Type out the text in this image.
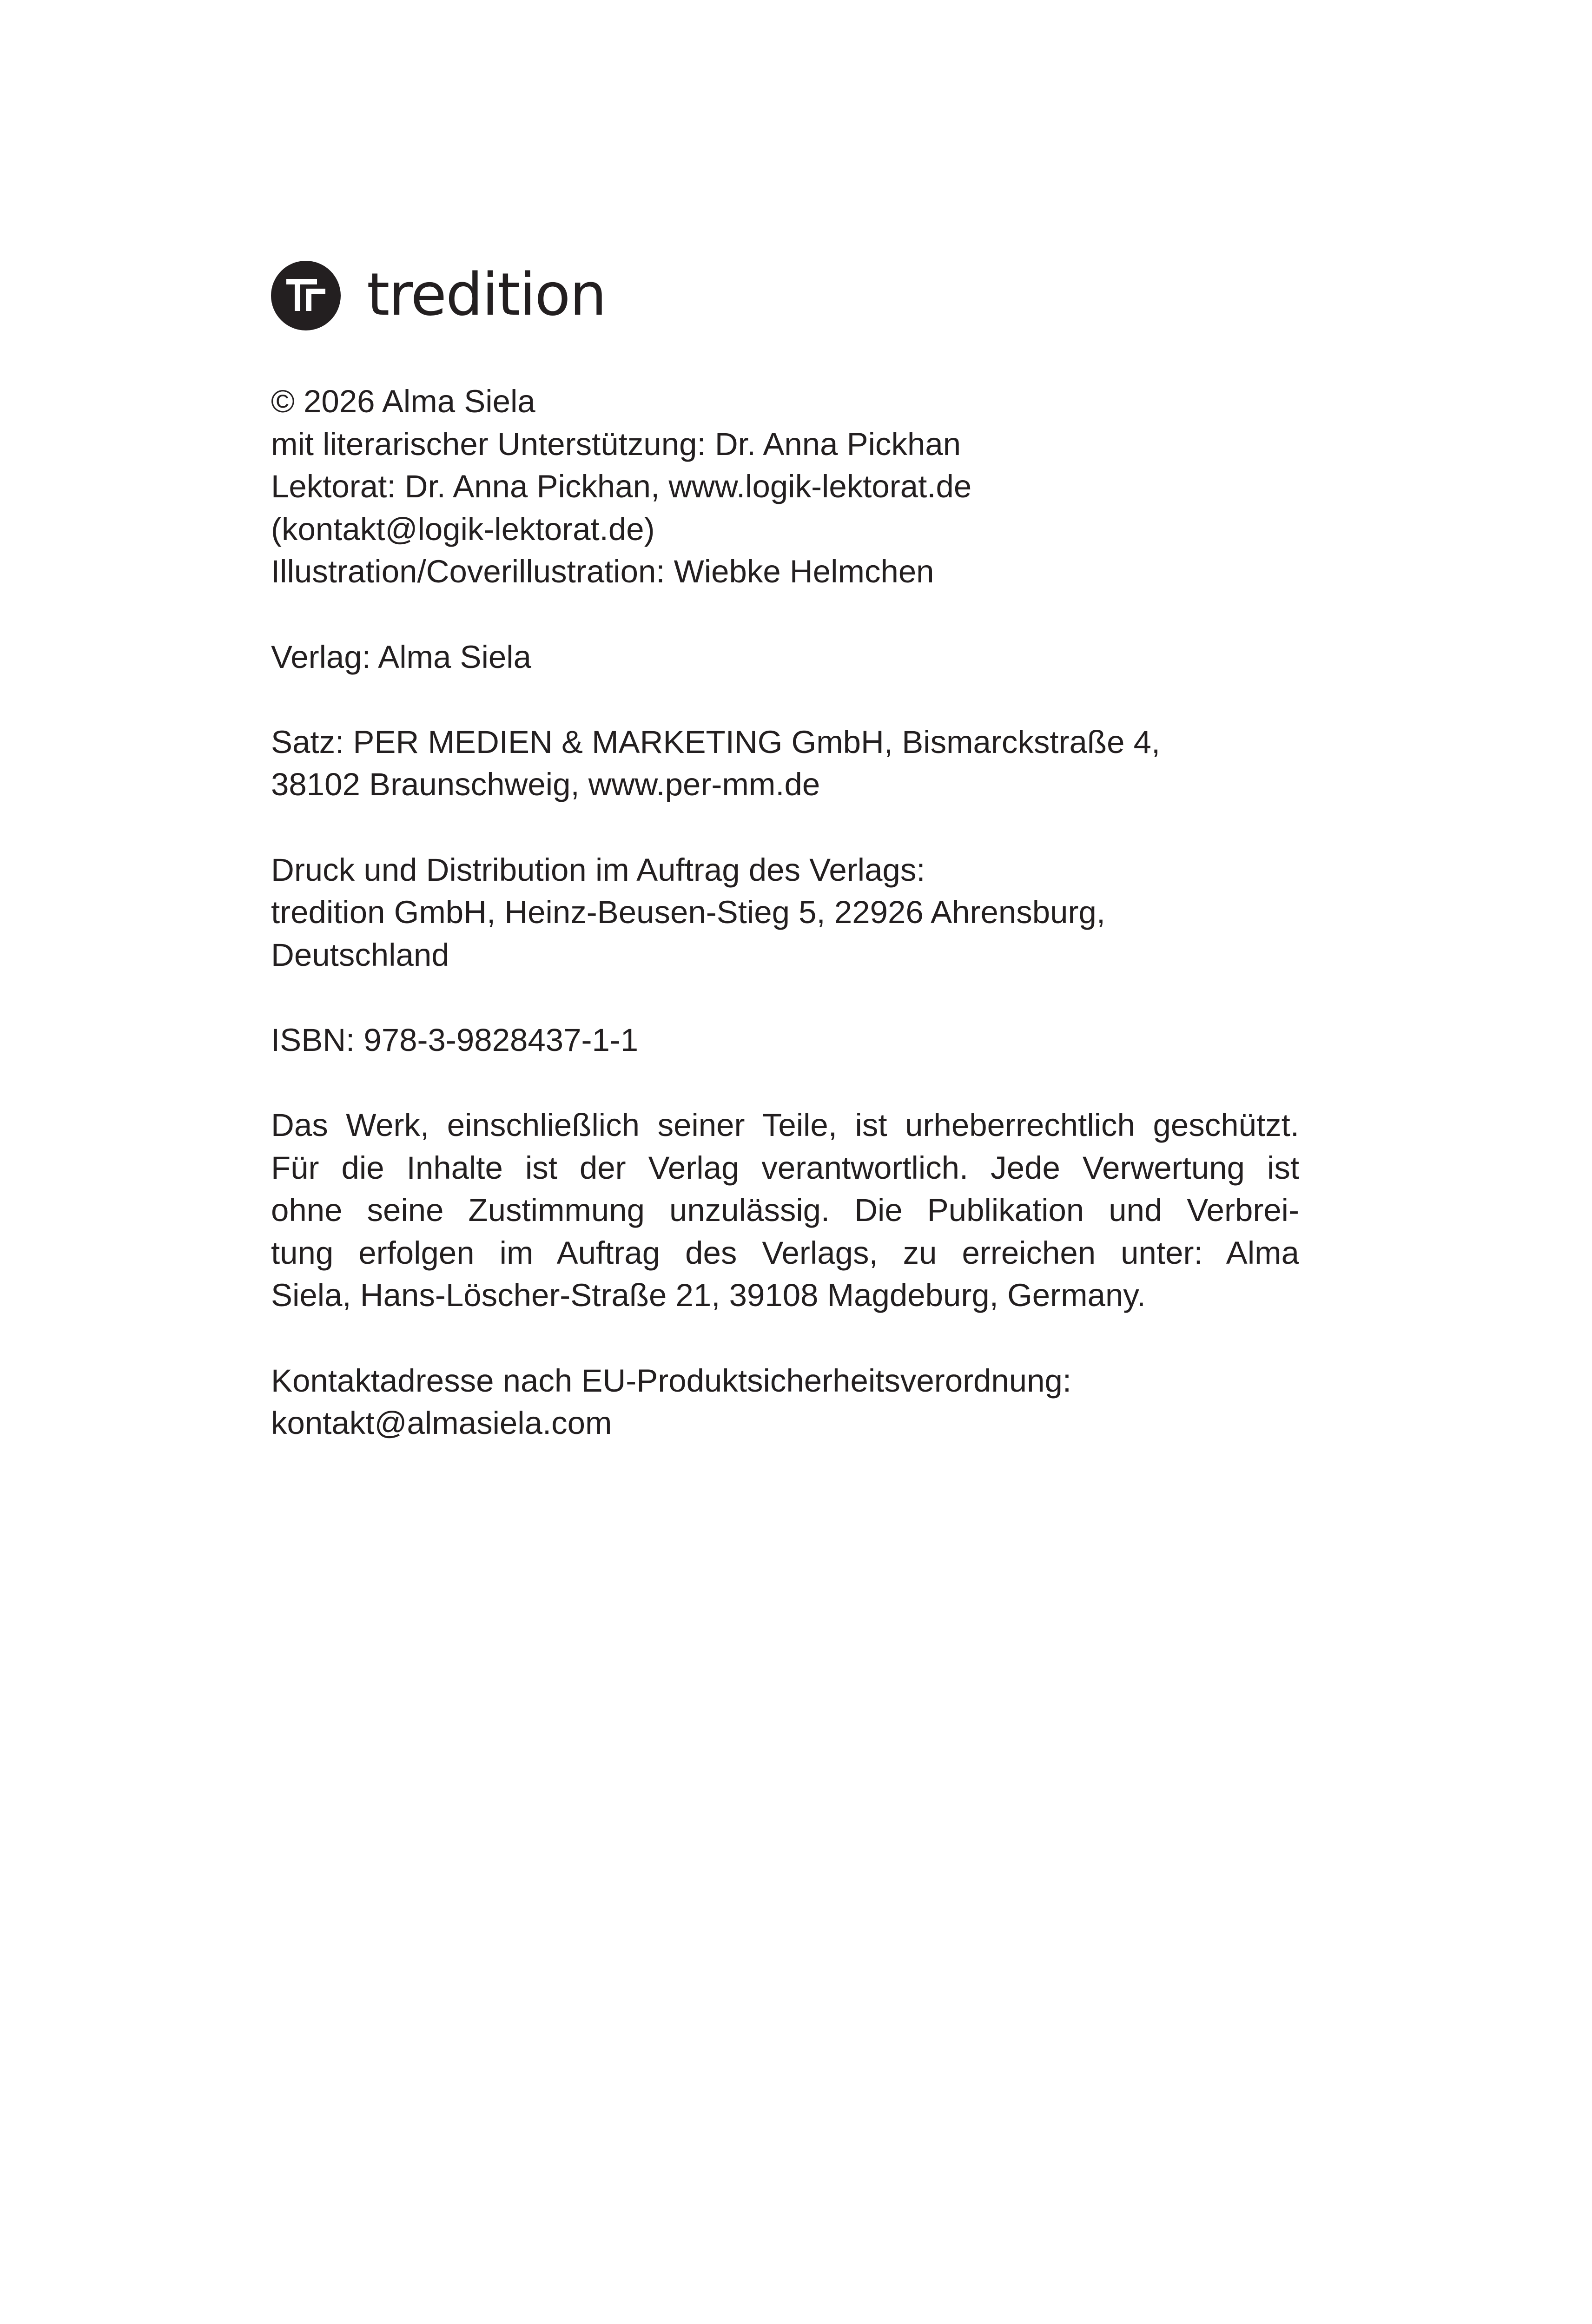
tredition
© 2026 Alma Siela
mit literarischer Unterstützung: Dr. Anna Pickhan
Lektorat: Dr. Anna Pickhan, www.logik-lektorat.de
(kontakt@logik-lektorat.de)
Illustration/Coverillustration: Wiebke Helmchen
Verlag: Alma Siela
Satz: PER MEDIEN & MARKETING GmbH, Bismarckstraße 4,
38102 Braunschweig, www.per-mm.de
Druck und Distribution im Auftrag des Verlags:
tredition GmbH, Heinz-Beusen-Stieg 5, 22926 Ahrensburg,
Deutschland
ISBN: 978-3-9828437-1-1
Das Werk, einschließlich seiner Teile, ist urheberrechtlich geschützt.
Für die Inhalte ist der Verlag verantwortlich. Jede Verwertung ist
ohne seine Zustimmung unzulässig. Die Publikation und Verbrei-
tung erfolgen im Auftrag des Verlags, zu erreichen unter: Alma
Siela, Hans-Löscher-Straße 21, 39108 Magdeburg, Germany.
Kontaktadresse nach EU-Produktsicherheitsverordnung:
kontakt@almasiela.com
